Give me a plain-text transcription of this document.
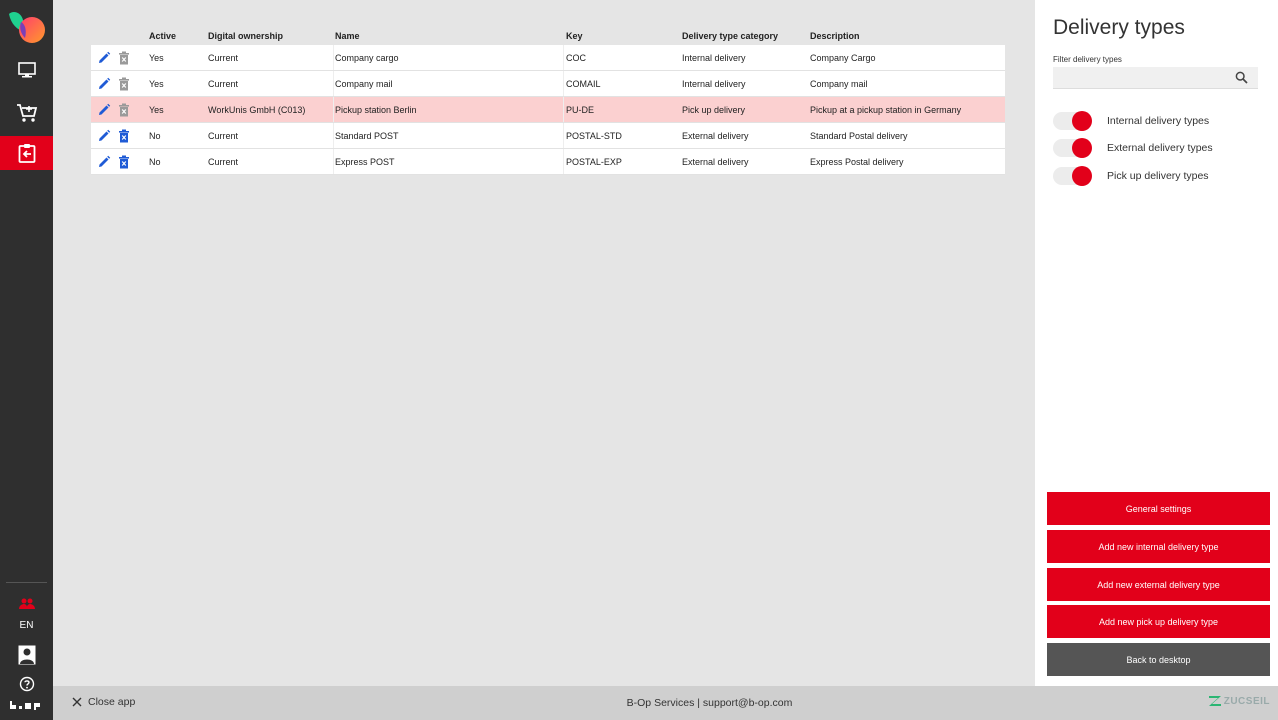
EN
Active	Digital ownership	Name	Key	Delivery type category	Description
Yes	Current	Company cargo	COC	Internal delivery	Company Cargo
Yes	Current	Company mail	COMAIL	Internal delivery	Company mail
Yes	WorkUnis GmbH (C013)	Pickup station Berlin	PU-DE	Pick up delivery	Pickup at a pickup station in Germany
No	Current	Standard POST	POSTAL-STD	External delivery	Standard Postal delivery
No	Current	Express POST	POSTAL-EXP	External delivery	Express Postal delivery
Delivery types
Filter delivery types
Internal delivery types
External delivery types
Pick up delivery types
General settings
Add new internal delivery type
Add new external delivery type
Add new pick up delivery type
Back to desktop
Close app	B-Op Services | support@b-op.com	ZUCSEIL
